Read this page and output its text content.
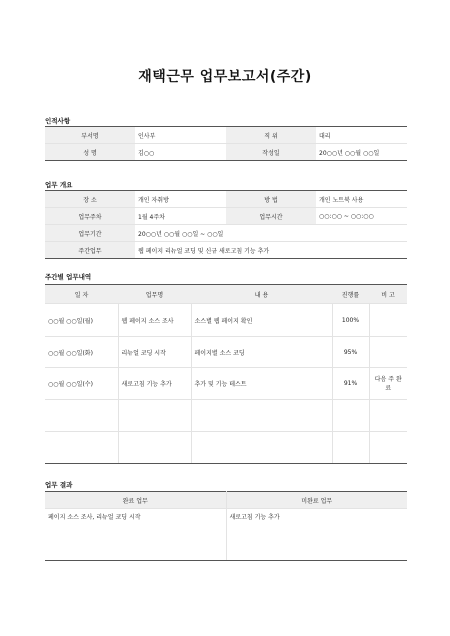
재택근무 업무보고서(주간)
인적사항
부서명	인사부	직 위	대리
성 명	김○○	작성일	20○○년 ○○월 ○○일
업무 개요
장 소	개인 자취방	방 법	개인 노트북 사용
업무주차	1월 4주차	업무시간	○○:○○ ~ ○○:○○
업무기간	20○○년 ○○월 ○○일 ~ ○○일		
주간업무	웹 페이지 리뉴얼 코딩 및 신규 새로고침 기능 추가		
주간별 업무내역
일 자	업무명	내 용	진행률	비 고
○○월 ○○일(월)	웹 페이지 소스 조사	소스별 웹 페이지 확인	100%	
○○월 ○○일(화)	리뉴얼 코딩 시작	페이지별 소스 코딩	95%	
○○월 ○○일(수)	새로고침 기능 추가	추가 및 기능 테스트	91%	다음 주 완료

업무 결과
완료 업무	미완료 업무
페이지 소스 조사, 리뉴얼 코딩 시작	새로고침 기능 추가
